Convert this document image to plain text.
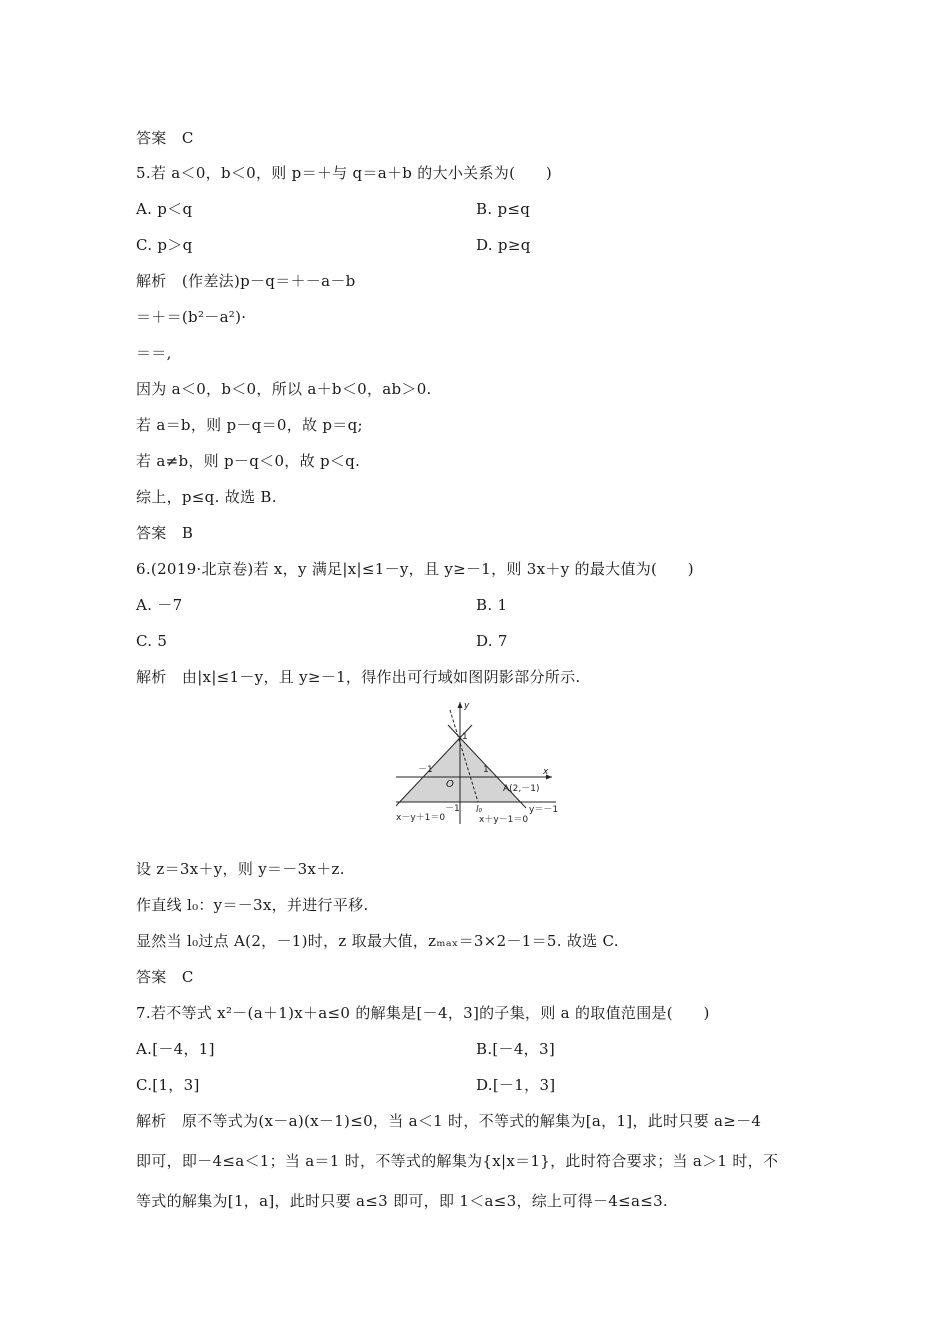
答案　C
5.若 a＜0，b＜0，则 p＝＋与 q＝a＋b 的大小关系为(　　)
A. p＜q	B. p≤q
C. p＞q	D. p≥q
解析　(作差法)p－q＝＋－a－b
＝＋＝(b²－a²)·
＝＝,
因为 a＜0，b＜0，所以 a＋b＜0，ab＞0.
若 a＝b，则 p－q＝0，故 p＝q;
若 a≠b，则 p－q＜0，故 p＜q.
综上，p≤q. 故选 B.
答案　B
6.(2019·北京卷)若 x，y 满足|x|≤1－y，且 y≥－1，则 3x＋y 的最大值为(　　)
A. －7	B. 1
C. 5	D. 7
解析　由|x|≤1－y，且 y≥－1，得作出可行域如图阴影部分所示.
y
x
1
－1	1
O
－1 l₀
A(2,－1)
y＝－1
x－y＋1＝0	x＋y－1＝0
设 z＝3x＋y，则 y＝－3x＋z.
作直线 l₀：y＝－3x，并进行平移.
显然当 l₀过点 A(2，－1)时，z 取最大值，zₘₐₓ＝3×2－1＝5. 故选 C.
答案　C
7.若不等式 x²－(a＋1)x＋a≤0 的解集是[－4，3]的子集，则 a 的取值范围是(　　)
A.[－4，1]	B.[－4，3]
C.[1，3]	D.[－1，3]
解析　原不等式为(x－a)(x－1)≤0，当 a＜1 时，不等式的解集为[a，1]，此时只要 a≥－4
即可，即－4≤a＜1；当 a＝1 时，不等式的解集为{x|x＝1}，此时符合要求；当 a＞1 时，不
等式的解集为[1，a]，此时只要 a≤3 即可，即 1＜a≤3，综上可得－4≤a≤3.
